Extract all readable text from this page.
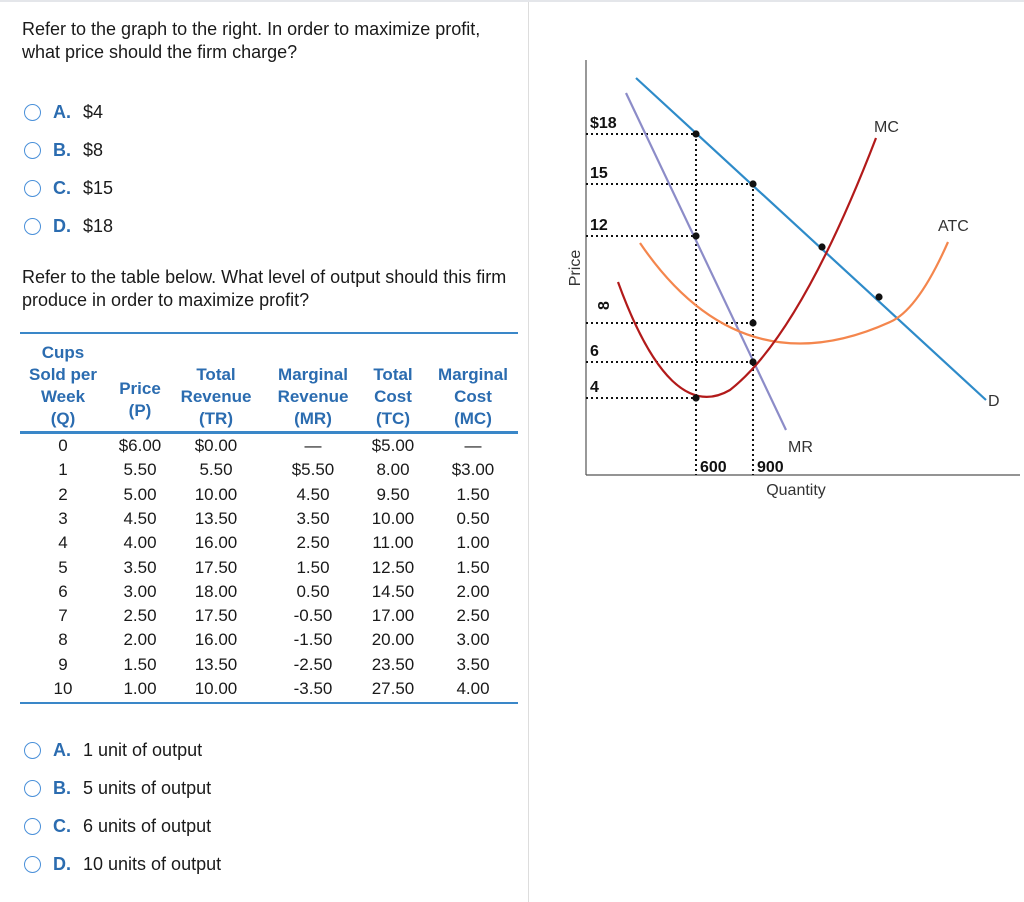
Refer to the graph to the right. In order to maximize profit, what price should the firm charge?
A. $4
B. $8
C. $15
D. $18
Refer to the table below. What level of output should this firm produce in order to maximize profit?
Cups
Sold per
Week
(Q)
Price
(P)
Total
Revenue
(TR)
Marginal
Revenue
(MR)
Total
Cost
(TC)
Marginal
Cost
(MC)
0	$6.00	$0.00	—	$5.00	—
1	5.50	5.50	$5.50	8.00	$3.00
2	5.00	10.00	4.50	9.50	1.50
3	4.50	13.50	3.50	10.00	0.50
4	4.00	16.00	2.50	11.00	1.00
5	3.50	17.50	1.50	12.50	1.50
6	3.00	18.00	0.50	14.50	2.00
7	2.50	17.50	-0.50	17.00	2.50
8	2.00	16.00	-1.50	20.00	3.00
9	1.50	13.50	-2.50	23.50	3.50
10	1.00	10.00	-3.50	27.50	4.00
A. 1 unit of output
B. 5 units of output
C. 6 units of output
D. 10 units of output
Price
Quantity
$18
15
12
8
6
4
600 900
MC
ATC
D
MR
